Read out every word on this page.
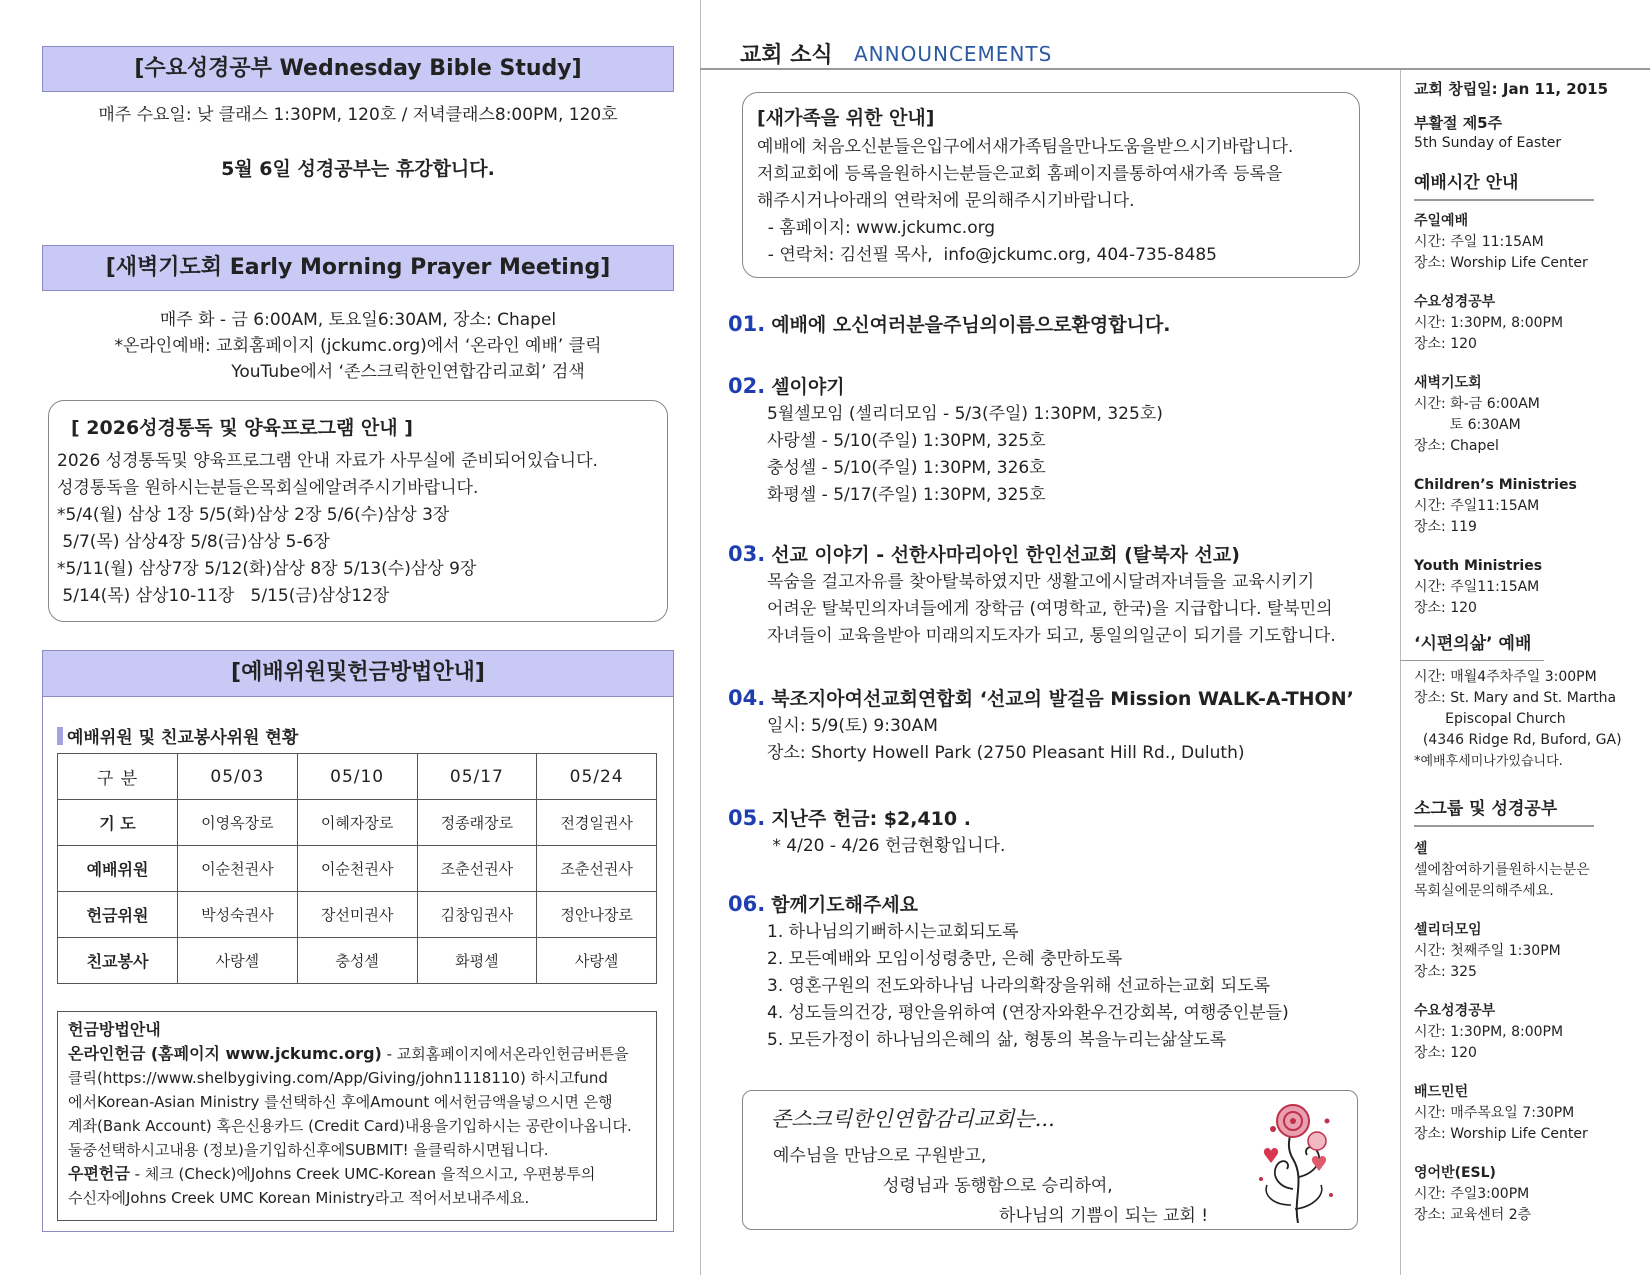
[수요성경공부 Wednesday Bible Study]
매주 수요일: 낮 클래스 1:30PM, 120호 / 저녁클래스8:00PM, 120호
5월 6일 성경공부는 휴강합니다.
[새벽기도회 Early Morning Prayer Meeting]
매주 화 - 금 6:00AM, 토요일6:30AM, 장소: Chapel
*온라인예배: 교회홈페이지 (jckumc.org)에서 ‘온라인 예배’ 클릭
YouTube에서 ‘존스크릭한인연합감리교회’ 검색
[ 2026성경통독 및 양육프로그램 안내 ]
2026 성경통독및 양육프로그램 안내 자료가 사무실에 준비되어있습니다.
성경통독을 원하시는분들은목회실에알려주시기바랍니다.
*5/4(월) 삼상 1장 5/5(화)삼상 2장 5/6(수)삼상 3장
5/7(목) 삼상4장 5/8(금)삼상 5-6장
*5/11(월) 삼상7장 5/12(화)삼상 8장 5/13(수)삼상 9장
5/14(목) 삼상10-11장   5/15(금)삼상12장
[예배위원및헌금방법안내]
예배위원 및 친교봉사위원 현황
구 분	05/03	05/10	05/17	05/24
기 도	이영옥장로	이혜자장로	정종래장로	전경일권사
예배위원	이순천권사	이순천권사	조춘선권사	조춘선권사
헌금위원	박성숙권사	장선미권사	김창임권사	정안나장로
친교봉사	사랑셀	충성셀	화평셀	사랑셀
헌금방법안내
온라인헌금 (홈페이지 www.jckumc.org) - 교회홈페이지에서온라인헌금버튼을
클릭(https://www.shelbygiving.com/App/Giving/john1118110) 하시고fund
에서Korean-Asian Ministry 를선택하신 후에Amount 에서헌금액을넣으시면 은행
계좌(Bank Account) 혹은신용카드 (Credit Card)내용을기입하시는 공란이나옵니다.
둘중선택하시고내용 (정보)을기입하신후에SUBMIT! 을클릭하시면됩니다.
우편헌금 - 체크 (Check)에Johns Creek UMC-Korean 을적으시고, 우편봉투의
수신자에Johns Creek UMC Korean Ministry라고 적어서보내주세요.
교회 소식 ANNOUNCEMENTS
[새가족을 위한 안내]
예배에 처음오신분들은입구에서새가족팀을만나도움을받으시기바랍니다.
저희교회에 등록을원하시는분들은교회 홈페이지를통하여새가족 등록을
해주시거나아래의 연락처에 문의해주시기바랍니다.
- 홈페이지: www.jckumc.org
- 연락처: 김선필 목사,  info@jckumc.org, 404-735-8485
01. 예배에 오신여러분을주님의이름으로환영합니다.
02. 셀이야기
5월셀모임 (셀리더모임 - 5/3(주일) 1:30PM, 325호)
사랑셀 - 5/10(주일) 1:30PM, 325호
충성셀 - 5/10(주일) 1:30PM, 326호
화평셀 - 5/17(주일) 1:30PM, 325호
03. 선교 이야기 - 선한사마리아인 한인선교회 (탈북자 선교)
목숨을 걸고자유를 찾아탈북하였지만 생활고에시달려자녀들을 교육시키기
어려운 탈북민의자녀들에게 장학금 (여명학교, 한국)을 지급합니다. 탈북민의
자녀들이 교육을받아 미래의지도자가 되고, 통일의일군이 되기를 기도합니다.
04. 북조지아여선교회연합회 ‘선교의 발걸음 Mission WALK-A-THON’
일시: 5/9(토) 9:30AM
장소: Shorty Howell Park (2750 Pleasant Hill Rd., Duluth)
05. 지난주 헌금: $2,410 .
* 4/20 - 4/26 헌금현황입니다.
06. 함께기도해주세요
1. 하나님의기뻐하시는교회되도록
2. 모든예배와 모임이성령충만, 은혜 충만하도록
3. 영혼구원의 전도와하나님 나라의확장을위해 선교하는교회 되도록
4. 성도들의건강, 평안을위하여 (연장자와환우건강회복, 여행중인분들)
5. 모든가정이 하나님의은혜의 삶, 형통의 복을누리는삶살도록
존스크릭한인연합감리교회는...
예수님을 만남으로 구원받고,
성령님과 동행함으로 승리하여,
하나님의 기쁨이 되는 교회 !
교회 창립일: Jan 11, 2015
부활절 제5주
5th Sunday of Easter
예배시간 안내
주일예배
시간: 주일 11:15AM
장소: Worship Life Center
수요성경공부
시간: 1:30PM, 8:00PM
장소: 120
새벽기도회
시간: 화-금 6:00AM
토 6:30AM
장소: Chapel
Children’s Ministries
시간: 주일11:15AM
장소: 119
Youth Ministries
시간: 주일11:15AM
장소: 120
‘시편의삶’ 예배
시간: 매월4주차주일 3:00PM
장소: St. Mary and St. Martha
Episcopal Church
(4346 Ridge Rd, Buford, GA)
*예배후세미나가있습니다.
소그룹 및 성경공부
셀
셀에참여하기를원하시는분은
목회실에문의해주세요.
셀리더모임
시간: 첫째주일 1:30PM
장소: 325
수요성경공부
시간: 1:30PM, 8:00PM
장소: 120
배드민턴
시간: 매주목요일 7:30PM
장소: Worship Life Center
영어반(ESL)
시간: 주일3:00PM
장소: 교육센터 2층
